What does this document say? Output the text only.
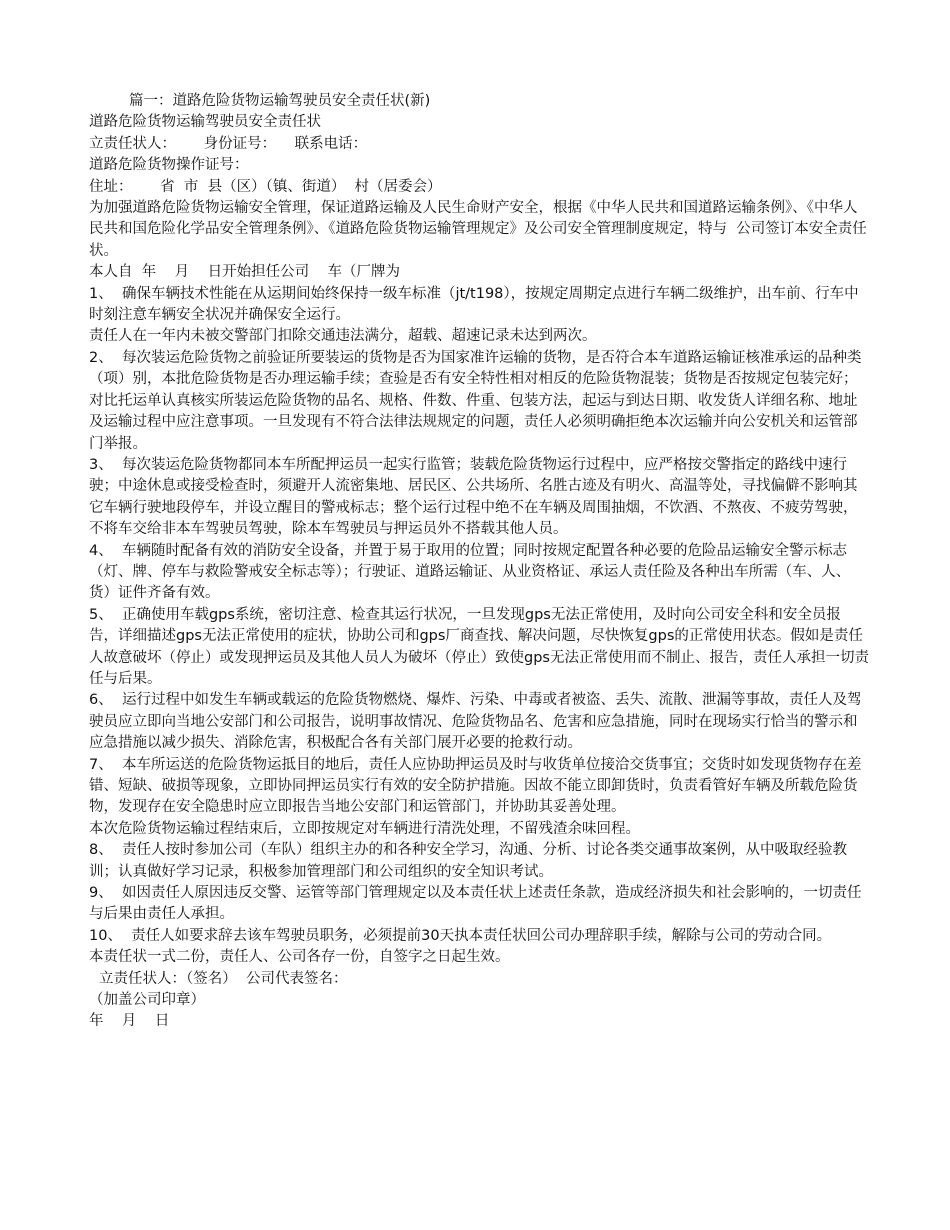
篇一：道路危险货物运输驾驶员安全责任状(新)

道路危险货物运输驾驶员安全责任状

立责任状人：      身份证号：    联系电话：

道路危险货物操作证号：

住址：      省  市  县（区）（镇、街道）  村（居委会）

为加强道路危险货物运输安全管理，保证道路运输及人民生命财产安全，根据《中华人民共和国道路运输条例》、《中华人民共和国危险化学品安全管理条例》、《道路危险货物运输管理规定》及公司安全管理制度规定，特与  公司签订本安全责任状。

本人自  年    月    日开始担任公司    车（厂牌为

1、  确保车辆技术性能在从运期间始终保持一级车标准（jt/t198），按规定周期定点进行车辆二级维护，出车前、行车中时刻注意车辆安全状况并确保安全运行。

责任人在一年内未被交警部门扣除交通违法满分，超载、超速记录未达到两次。

2、  每次装运危险货物之前验证所要装运的货物是否为国家准许运输的货物，是否符合本车道路运输证核准承运的品种类（项）别，本批危险货物是否办理运输手续；查验是否有安全特性相对相反的危险货物混装；货物是否按规定包装完好；对比托运单认真核实所装运危险货物的品名、规格、件数、件重、包装方法，起运与到达日期、收发货人详细名称、地址及运输过程中应注意事项。一旦发现有不符合法律法规规定的问题，责任人必须明确拒绝本次运输并向公安机关和运管部门举报。

3、  每次装运危险货物都同本车所配押运员一起实行监管；装载危险货物运行过程中，应严格按交警指定的路线中速行驶；中途休息或接受检查时，须避开人流密集地、居民区、公共场所、名胜古迹及有明火、高温等处，寻找偏僻不影响其它车辆行驶地段停车，并设立醒目的警戒标志；整个运行过程中绝不在车辆及周围抽烟，不饮酒、不熬夜、不疲劳驾驶，不将车交给非本车驾驶员驾驶，除本车驾驶员与押运员外不搭载其他人员。

4、  车辆随时配备有效的消防安全设备，并置于易于取用的位置；同时按规定配置各种必要的危险品运输安全警示标志（灯、牌、停车与救险警戒安全标志等）；行驶证、道路运输证、从业资格证、承运人责任险及各种出车所需（车、人、货）证件齐备有效。

5、  正确使用车载gps系统，密切注意、检查其运行状况，一旦发现gps无法正常使用，及时向公司安全科和安全员报告，详细描述gps无法正常使用的症状，协助公司和gps厂商查找、解决问题，尽快恢复gps的正常使用状态。假如是责任人故意破坏（停止）或发现押运员及其他人员人为破坏（停止）致使gps无法正常使用而不制止、报告，责任人承担一切责任与后果。

6、  运行过程中如发生车辆或载运的危险货物燃烧、爆炸、污染、中毒或者被盗、丢失、流散、泄漏等事故，责任人及驾驶员应立即向当地公安部门和公司报告，说明事故情况、危险货物品名、危害和应急措施，同时在现场实行恰当的警示和应急措施以减少损失、消除危害，积极配合各有关部门展开必要的抢救行动。

7、  本车所运送的危险货物运抵目的地后，责任人应协助押运员及时与收货单位接洽交货事宜；交货时如发现货物存在差错、短缺、破损等现象，立即协同押运员实行有效的安全防护措施。因故不能立即卸货时，负责看管好车辆及所载危险货物，发现存在安全隐患时应立即报告当地公安部门和运管部门，并协助其妥善处理。

本次危险货物运输过程结束后，立即按规定对车辆进行清洗处理，不留残渣余味回程。

8、  责任人按时参加公司（车队）组织主办的和各种安全学习，沟通、分析、讨论各类交通事故案例，从中吸取经验教训；认真做好学习记录，积极参加管理部门和公司组织的安全知识考试。

9、  如因责任人原因违反交警、运管等部门管理规定以及本责任状上述责任条款，造成经济损失和社会影响的，一切责任与后果由责任人承担。

10、  责任人如要求辞去该车驾驶员职务，必须提前30天执本责任状回公司办理辞职手续，解除与公司的劳动合同。

本责任状一式二份，责任人、公司各存一份，自签字之日起生效。

立责任状人：（签名）  公司代表签名：

（加盖公司印章）

年    月    日
